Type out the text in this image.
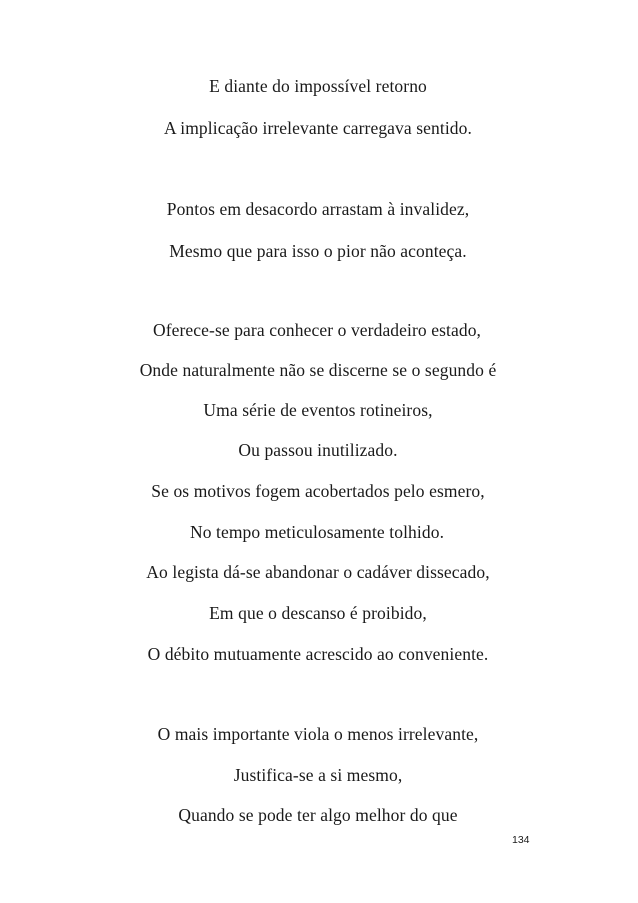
E diante do impossível retorno
A implicação irrelevante carregava sentido.
Pontos em desacordo arrastam à invalidez,
Mesmo que para isso o pior não aconteça.
Oferece-se para conhecer o verdadeiro estado,
Onde naturalmente não se discerne se o segundo é
Uma série de eventos rotineiros,
Ou passou inutilizado.
Se os motivos fogem acobertados pelo esmero,
No tempo meticulosamente tolhido.
Ao legista dá-se abandonar o cadáver dissecado,
Em que o descanso é proibido,
O débito mutuamente acrescido ao conveniente.
O mais importante viola o menos irrelevante,
Justifica-se a si mesmo,
Quando se pode ter algo melhor do que
134
